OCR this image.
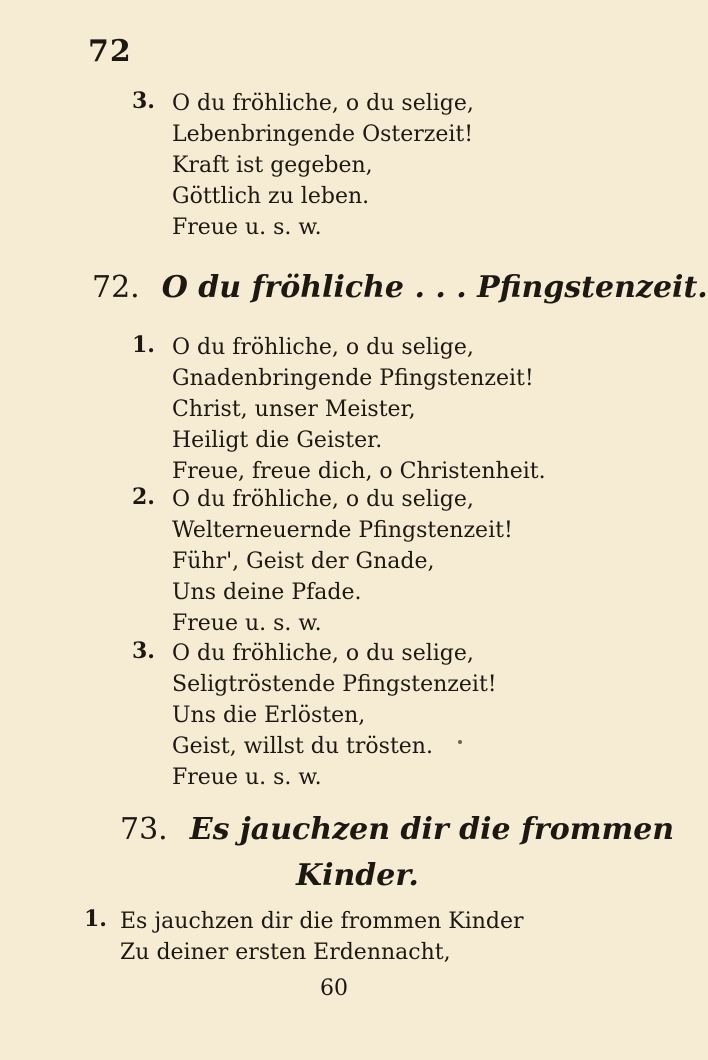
72
3. O du fröhliche, o du selige,
Lebenbringende Osterzeit!
Kraft ist gegeben,
Göttlich zu leben.
Freue u. s. w.
72. O du fröhliche . . . Pfingstenzeit.
1. O du fröhliche, o du selige,
Gnadenbringende Pfingstenzeit!
Christ, unser Meister,
Heiligt die Geister.
Freue, freue dich, o Christenheit.
2. O du fröhliche, o du selige,
Welterneuernde Pfingstenzeit!
Führ', Geist der Gnade,
Uns deine Pfade.
Freue u. s. w.
3. O du fröhliche, o du selige,
Seligtröstende Pfingstenzeit!
Uns die Erlösten,
Geist, willst du trösten.
Freue u. s. w.
73. Es jauchzen dir die frommen
Kinder.
1. Es jauchzen dir die frommen Kinder
Zu deiner ersten Erdennacht,
60
